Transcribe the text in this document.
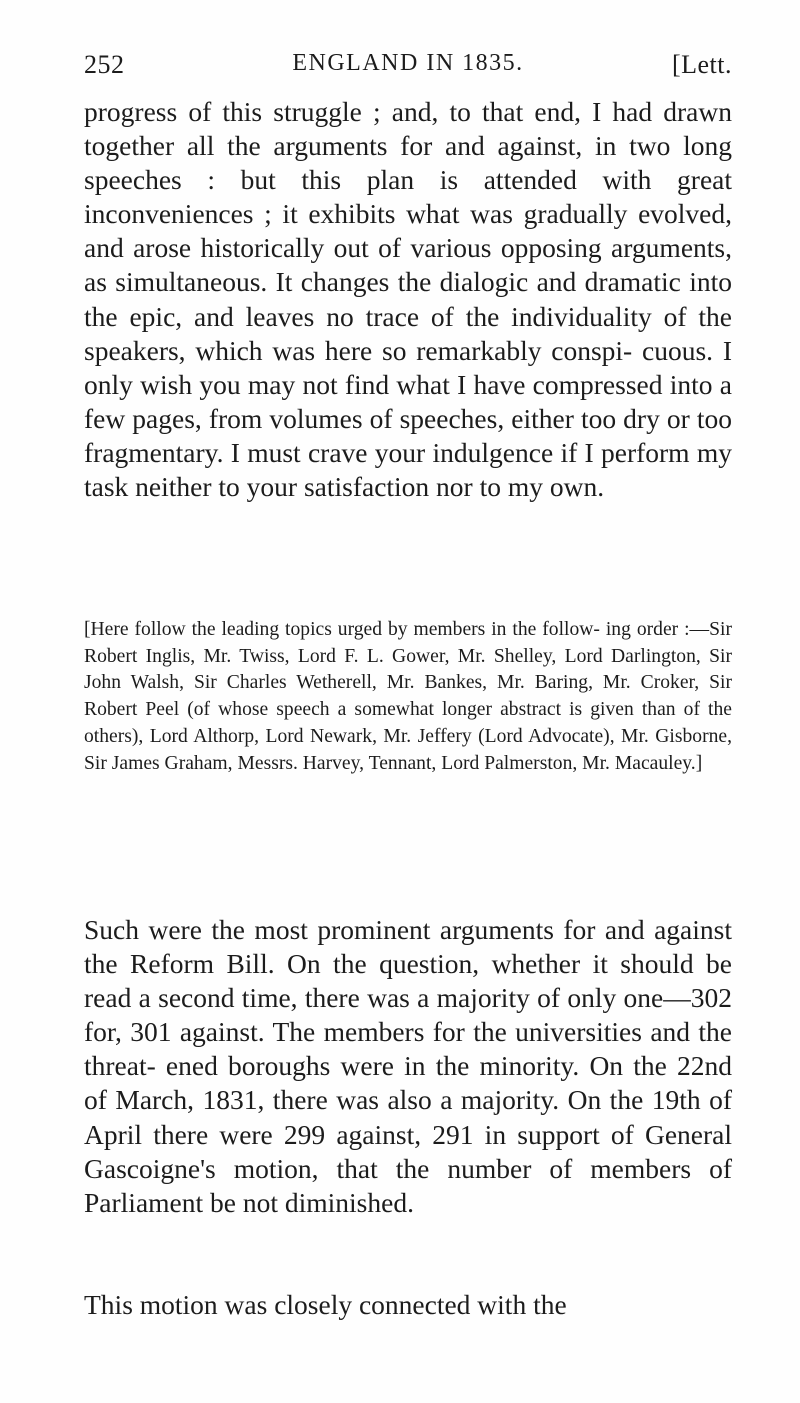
252	ENGLAND IN 1835.	[Lett.

progress of this struggle ; and, to that end, I had drawn together all the arguments for and against, in two long speeches : but this plan is attended with great inconveniences ; it exhibits what was gradually evolved, and arose historically out of various opposing arguments, as simultaneous. It changes the dialogic and dramatic into the epic, and leaves no trace of the individuality of the speakers, which was here so remarkably conspi- cuous. I only wish you may not find what I have compressed into a few pages, from volumes of speeches, either too dry or too fragmentary. I must crave your indulgence if I perform my task neither to your satisfaction nor to my own.

[Here follow the leading topics urged by members in the follow- ing order :—Sir Robert Inglis, Mr. Twiss, Lord F. L. Gower, Mr. Shelley, Lord Darlington, Sir John Walsh, Sir Charles Wetherell, Mr. Bankes, Mr. Baring, Mr. Croker, Sir Robert Peel (of whose speech a somewhat longer abstract is given than of the others), Lord Althorp, Lord Newark, Mr. Jeffery (Lord Advocate), Mr. Gisborne, Sir James Graham, Messrs. Harvey, Tennant, Lord Palmerston, Mr. Macauley.]

Such were the most prominent arguments for and against the Reform Bill. On the question, whether it should be read a second time, there was a majority of only one—302 for, 301 against. The members for the universities and the threat- ened boroughs were in the minority. On the 22nd of March, 1831, there was also a majority. On the 19th of April there were 299 against, 291 in support of General Gascoigne's motion, that the number of members of Parliament be not diminished.

This motion was closely connected with the
